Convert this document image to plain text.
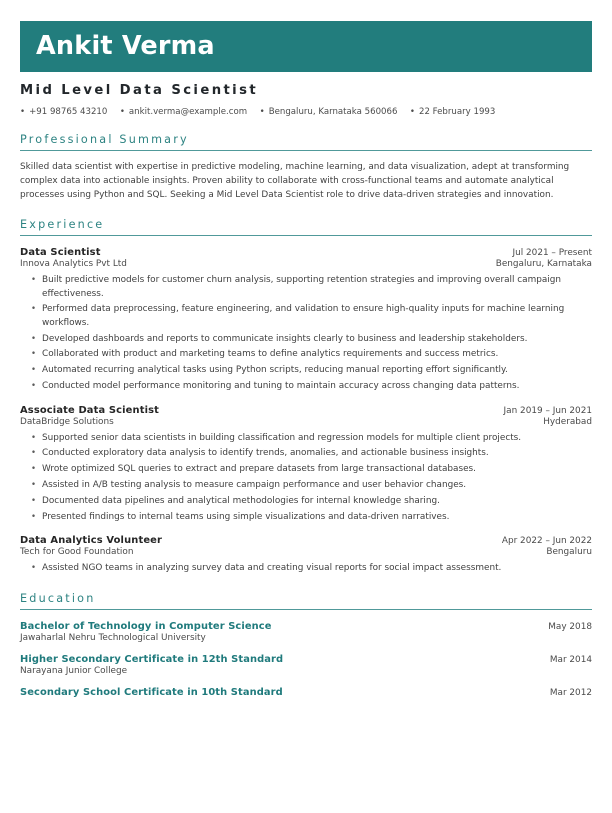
Ankit Verma
Mid Level Data Scientist
• +91 98765 43210
	• ankit.verma@example.com
	• Bengaluru, Karnataka 560066
	• 22 February 1993
Professional Summary
Skilled data scientist with expertise in predictive modeling, machine learning, and data visualization, adept at transforming complex data into actionable insights. Proven ability to collaborate with cross-functional teams and automate analytical processes using Python and SQL. Seeking a Mid Level Data Scientist role to drive data-driven strategies and innovation.
Experience
Data Scientist	Jul 2021 – Present
Innova Analytics Pvt Ltd	Bengaluru, Karnataka
• Built predictive models for customer churn analysis, supporting retention strategies and improving overall campaign effectiveness.
• Performed data preprocessing, feature engineering, and validation to ensure high-quality inputs for machine learning workflows.
• Developed dashboards and reports to communicate insights clearly to business and leadership stakeholders.
• Collaborated with product and marketing teams to define analytics requirements and success metrics.
• Automated recurring analytical tasks using Python scripts, reducing manual reporting effort significantly.
• Conducted model performance monitoring and tuning to maintain accuracy across changing data patterns.
Associate Data Scientist	Jan 2019 – Jun 2021
DataBridge Solutions	Hyderabad
• Supported senior data scientists in building classification and regression models for multiple client projects.
• Conducted exploratory data analysis to identify trends, anomalies, and actionable business insights.
• Wrote optimized SQL queries to extract and prepare datasets from large transactional databases.
• Assisted in A/B testing analysis to measure campaign performance and user behavior changes.
• Documented data pipelines and analytical methodologies for internal knowledge sharing.
• Presented findings to internal teams using simple visualizations and data-driven narratives.
Data Analytics Volunteer	Apr 2022 – Jun 2022
Tech for Good Foundation	Bengaluru
• Assisted NGO teams in analyzing survey data and creating visual reports for social impact assessment.
Education
Bachelor of Technology in Computer Science	May 2018
Jawaharlal Nehru Technological University
Higher Secondary Certificate in 12th Standard	Mar 2014
Narayana Junior College
Secondary School Certificate in 10th Standard	Mar 2012
